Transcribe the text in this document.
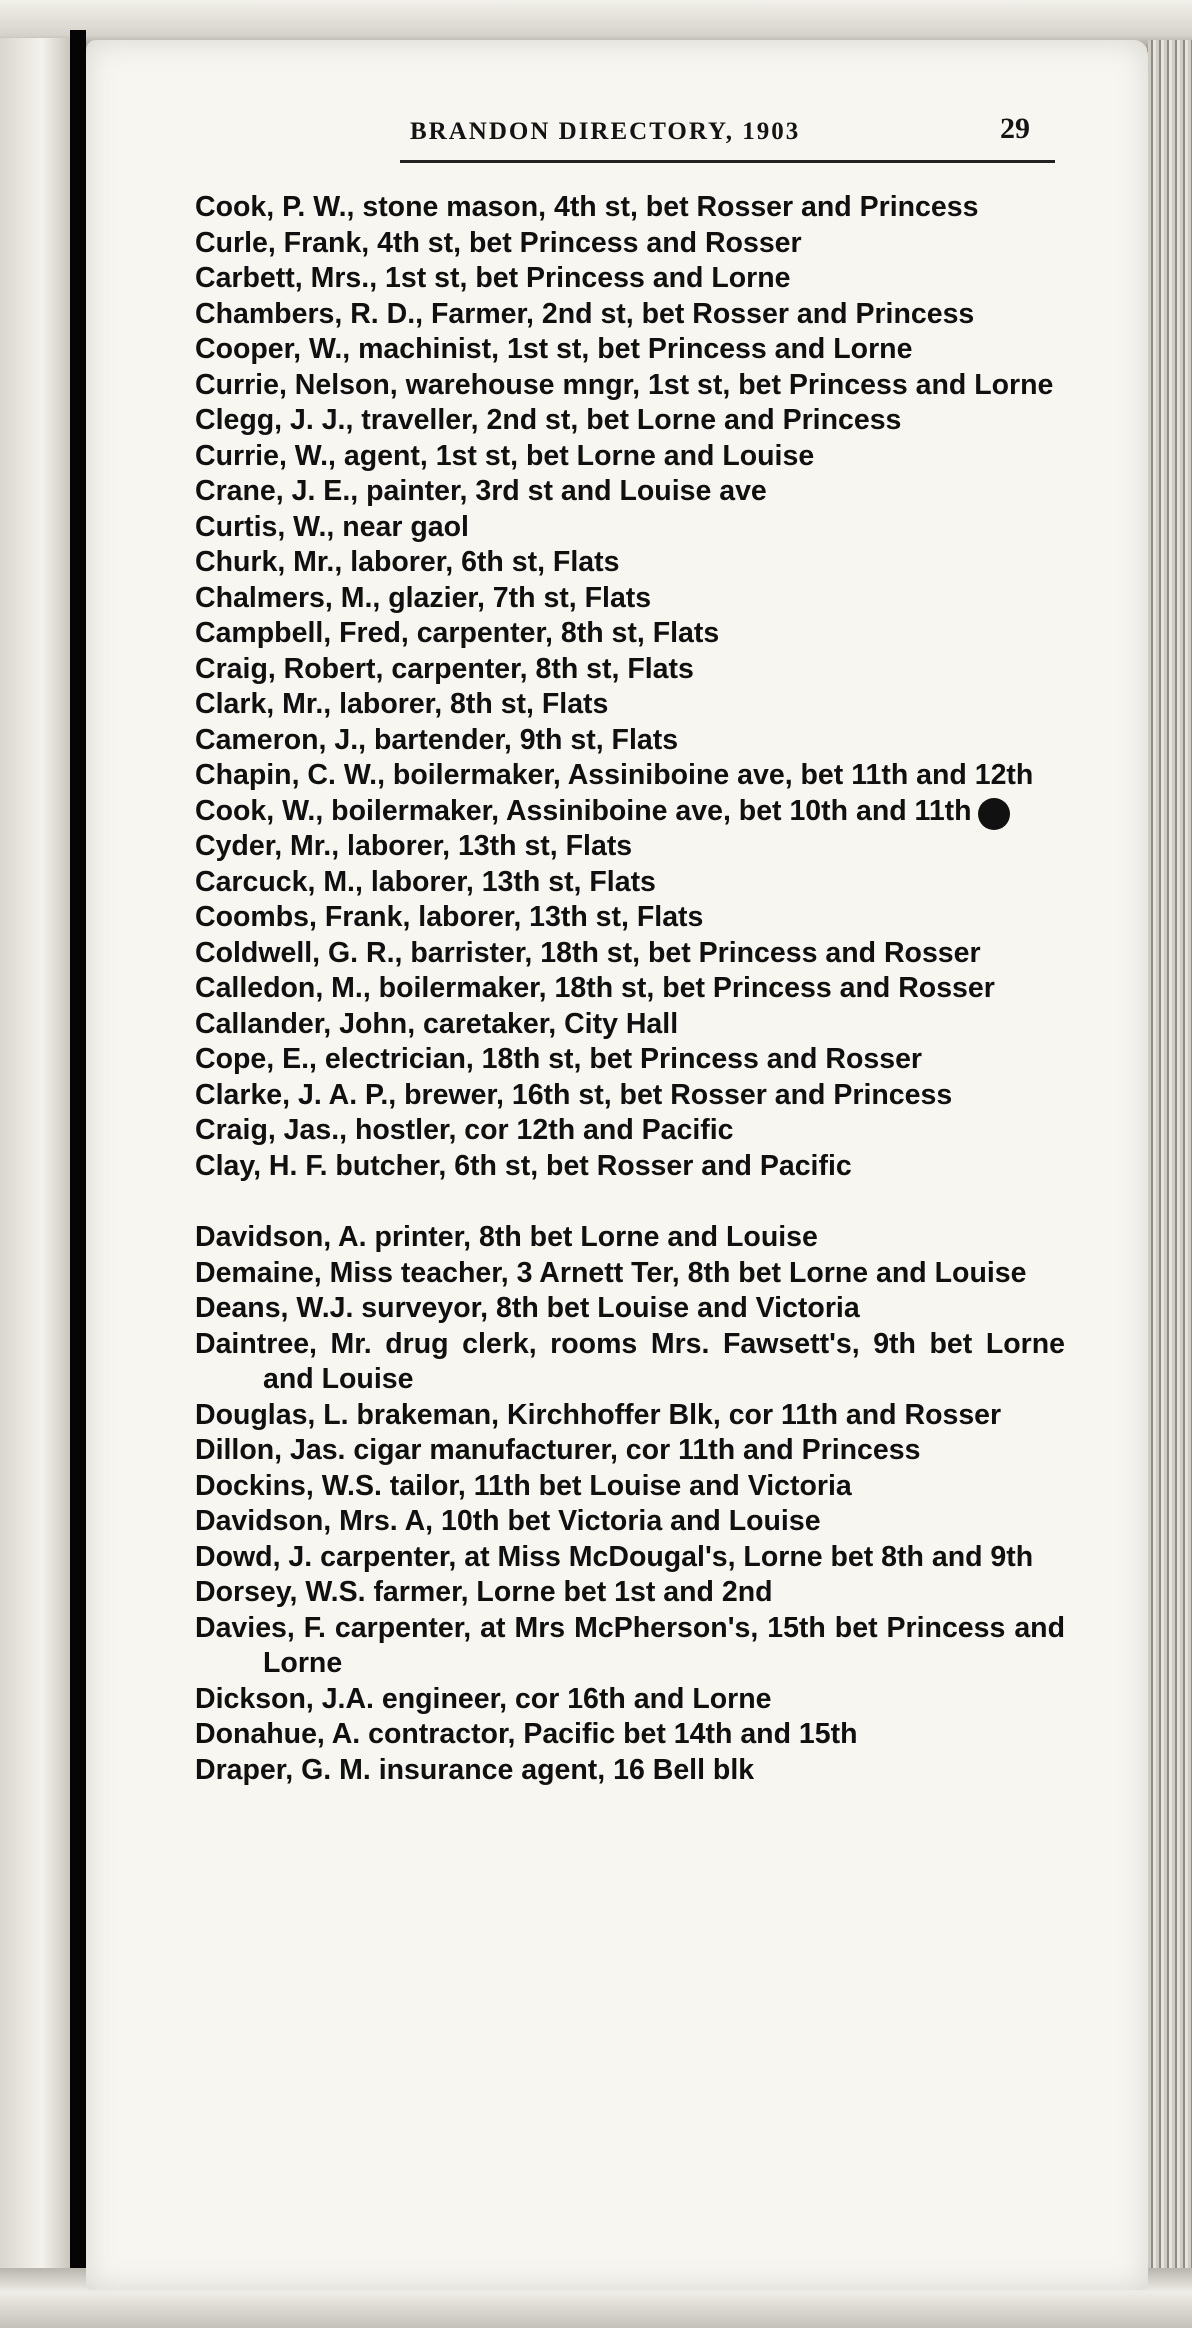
BRANDON DIRECTORY, 1903	29
Cook, P. W., stone mason, 4th st, bet Rosser and Princess
Curle, Frank, 4th st, bet Princess and Rosser
Carbett, Mrs., 1st st, bet Princess and Lorne
Chambers, R. D., Farmer, 2nd st, bet Rosser and Princess
Cooper, W., machinist, 1st st, bet Princess and Lorne
Currie, Nelson, warehouse mngr, 1st st, bet Princess and Lorne
Clegg, J. J., traveller, 2nd st, bet Lorne and Princess
Currie, W., agent, 1st st, bet Lorne and Louise
Crane, J. E., painter, 3rd st and Louise ave
Curtis, W., near gaol
Churk, Mr., laborer, 6th st, Flats
Chalmers, M., glazier, 7th st, Flats
Campbell, Fred, carpenter, 8th st, Flats
Craig, Robert, carpenter, 8th st, Flats
Clark, Mr., laborer, 8th st, Flats
Cameron, J., bartender, 9th st, Flats
Chapin, C. W., boilermaker, Assiniboine ave, bet 11th and 12th
Cook, W., boilermaker, Assiniboine ave, bet 10th and 11th
Cyder, Mr., laborer, 13th st, Flats
Carcuck, M., laborer, 13th st, Flats
Coombs, Frank, laborer, 13th st, Flats
Coldwell, G. R., barrister, 18th st, bet Princess and Rosser
Calledon, M., boilermaker, 18th st, bet Princess and Rosser
Callander, John, caretaker, City Hall
Cope, E., electrician, 18th st, bet Princess and Rosser
Clarke, J. A. P., brewer, 16th st, bet Rosser and Princess
Craig, Jas., hostler, cor 12th and Pacific
Clay, H. F. butcher, 6th st, bet Rosser and Pacific
Davidson, A. printer, 8th bet Lorne and Louise
Demaine, Miss teacher, 3 Arnett Ter, 8th bet Lorne and Louise
Deans, W.J. surveyor, 8th bet Louise and Victoria
Daintree, Mr. drug clerk, rooms Mrs. Fawsett's, 9th bet Lorne and Louise
Douglas, L. brakeman, Kirchhoffer Blk, cor 11th and Rosser
Dillon, Jas. cigar manufacturer, cor 11th and Princess
Dockins, W.S. tailor, 11th bet Louise and Victoria
Davidson, Mrs. A, 10th bet Victoria and Louise
Dowd, J. carpenter, at Miss McDougal's, Lorne bet 8th and 9th
Dorsey, W.S. farmer, Lorne bet 1st and 2nd
Davies, F. carpenter, at Mrs McPherson's, 15th bet Princess and Lorne
Dickson, J.A. engineer, cor 16th and Lorne
Donahue, A. contractor, Pacific bet 14th and 15th
Draper, G. M. insurance agent, 16 Bell blk
